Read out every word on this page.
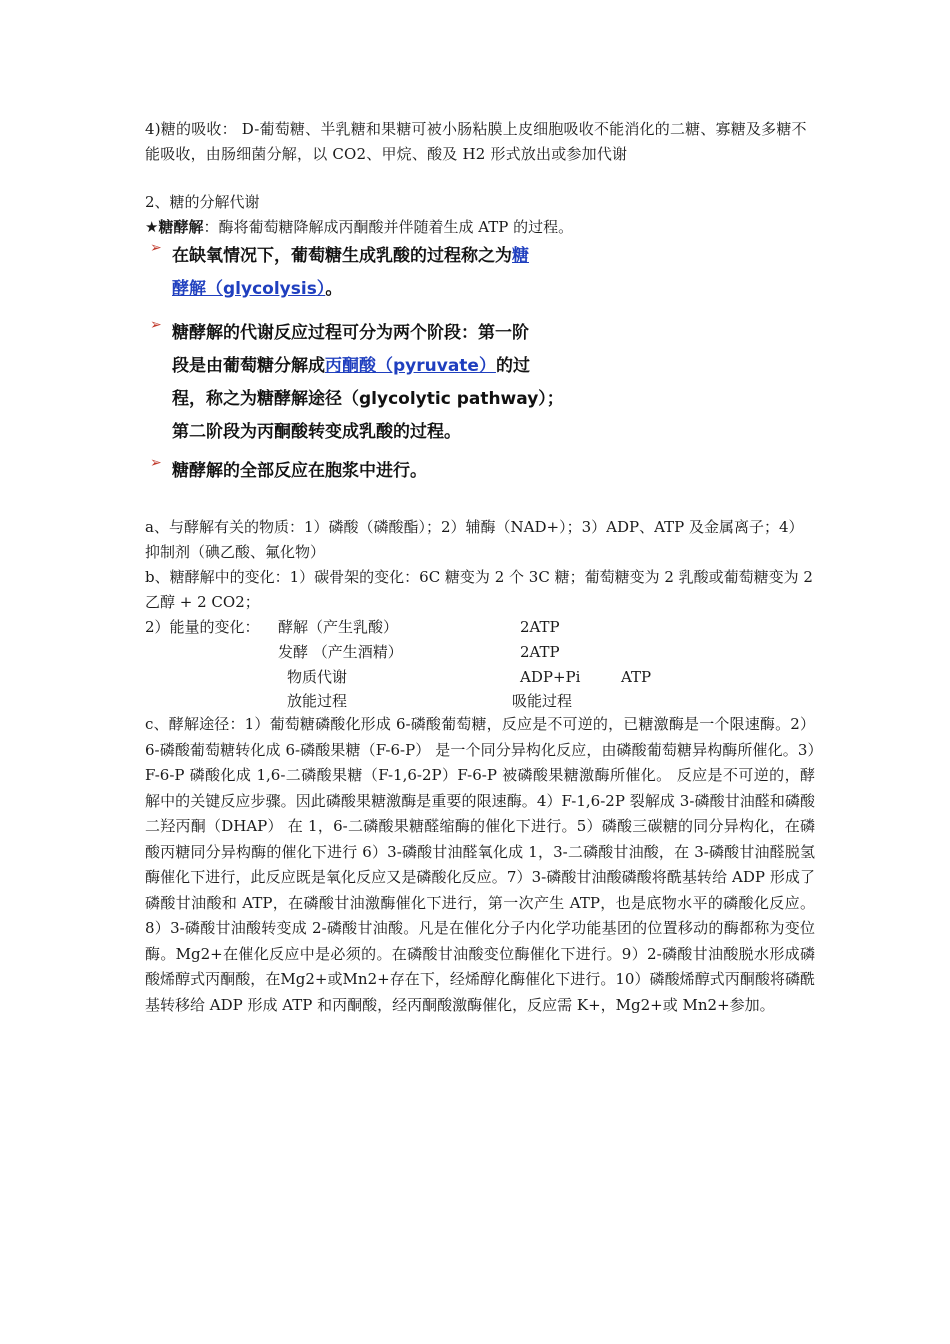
4)糖的吸收： D-葡萄糖、半乳糖和果糖可被小肠粘膜上皮细胞吸收不能消化的二糖、寡糖及多糖不能吸收，由肠细菌分解，以 CO2、甲烷、酸及 H2 形式放出或参加代谢
2、糖的分解代谢
★糖酵解：酶将葡萄糖降解成丙酮酸并伴随着生成 ATP 的过程。
➢ 在缺氧情况下，葡萄糖生成乳酸的过程称之为糖
酵解（glycolysis）。
➢ 糖酵解的代谢反应过程可分为两个阶段：第一阶
段是由葡萄糖分解成丙酮酸（pyruvate）的过
程，称之为糖酵解途径（glycolytic pathway）；
第二阶段为丙酮酸转变成乳酸的过程。
➢ 糖酵解的全部反应在胞浆中进行。
a、与酵解有关的物质：1）磷酸（磷酸酯）；2）辅酶（NAD+）；3）ADP、ATP 及金属离子；4）抑制剂（碘乙酸、氟化物）
b、糖酵解中的变化：1）碳骨架的变化：6C 糖变为 2 个 3C 糖；葡萄糖变为 2 乳酸或葡萄糖变为 2 乙醇 + 2 CO2；
2）能量的变化： 酵解（产生乳酸）	2ATP
发酵 （产生酒精）	2ATP
物质代谢	ADP+Pi	ATP
放能过程	吸能过程
c、酵解途径：1）葡萄糖磷酸化形成 6-磷酸葡萄糖，反应是不可逆的，已糖激酶是一个限速酶。2）6-磷酸葡萄糖转化成 6-磷酸果糖（F-6-P） 是一个同分异构化反应，由磷酸葡萄糖异构酶所催化。3）F-6-P 磷酸化成 1,6-二磷酸果糖（F-1,6-2P）F-6-P 被磷酸果糖激酶所催化。 反应是不可逆的，酵解中的关键反应步骤。因此磷酸果糖激酶是重要的限速酶。4）F-1,6-2P 裂解成 3-磷酸甘油醛和磷酸二羟丙酮（DHAP） 在 1，6-二磷酸果糖醛缩酶的催化下进行。5）磷酸三碳糖的同分异构化，在磷酸丙糖同分异构酶的催化下进行 6）3-磷酸甘油醛氧化成 1，3-二磷酸甘油酸，在 3-磷酸甘油醛脱氢酶催化下进行，此反应既是氧化反应又是磷酸化反应。7）3-磷酸甘油酸磷酸将酰基转给 ADP 形成了磷酸甘油酸和 ATP，在磷酸甘油激酶催化下进行，第一次产生 ATP，也是底物水平的磷酸化反应。8）3-磷酸甘油酸转变成 2-磷酸甘油酸。凡是在催化分子内化学功能基团的位置移动的酶都称为变位酶。Mg2+在催化反应中是必须的。在磷酸甘油酸变位酶催化下进行。9）2-磷酸甘油酸脱水形成磷酸烯醇式丙酮酸，在Mg2+或Mn2+存在下，经烯醇化酶催化下进行。10）磷酸烯醇式丙酮酸将磷酰基转移给 ADP 形成 ATP 和丙酮酸，经丙酮酸激酶催化，反应需 K+，Mg2+或 Mn2+参加。
